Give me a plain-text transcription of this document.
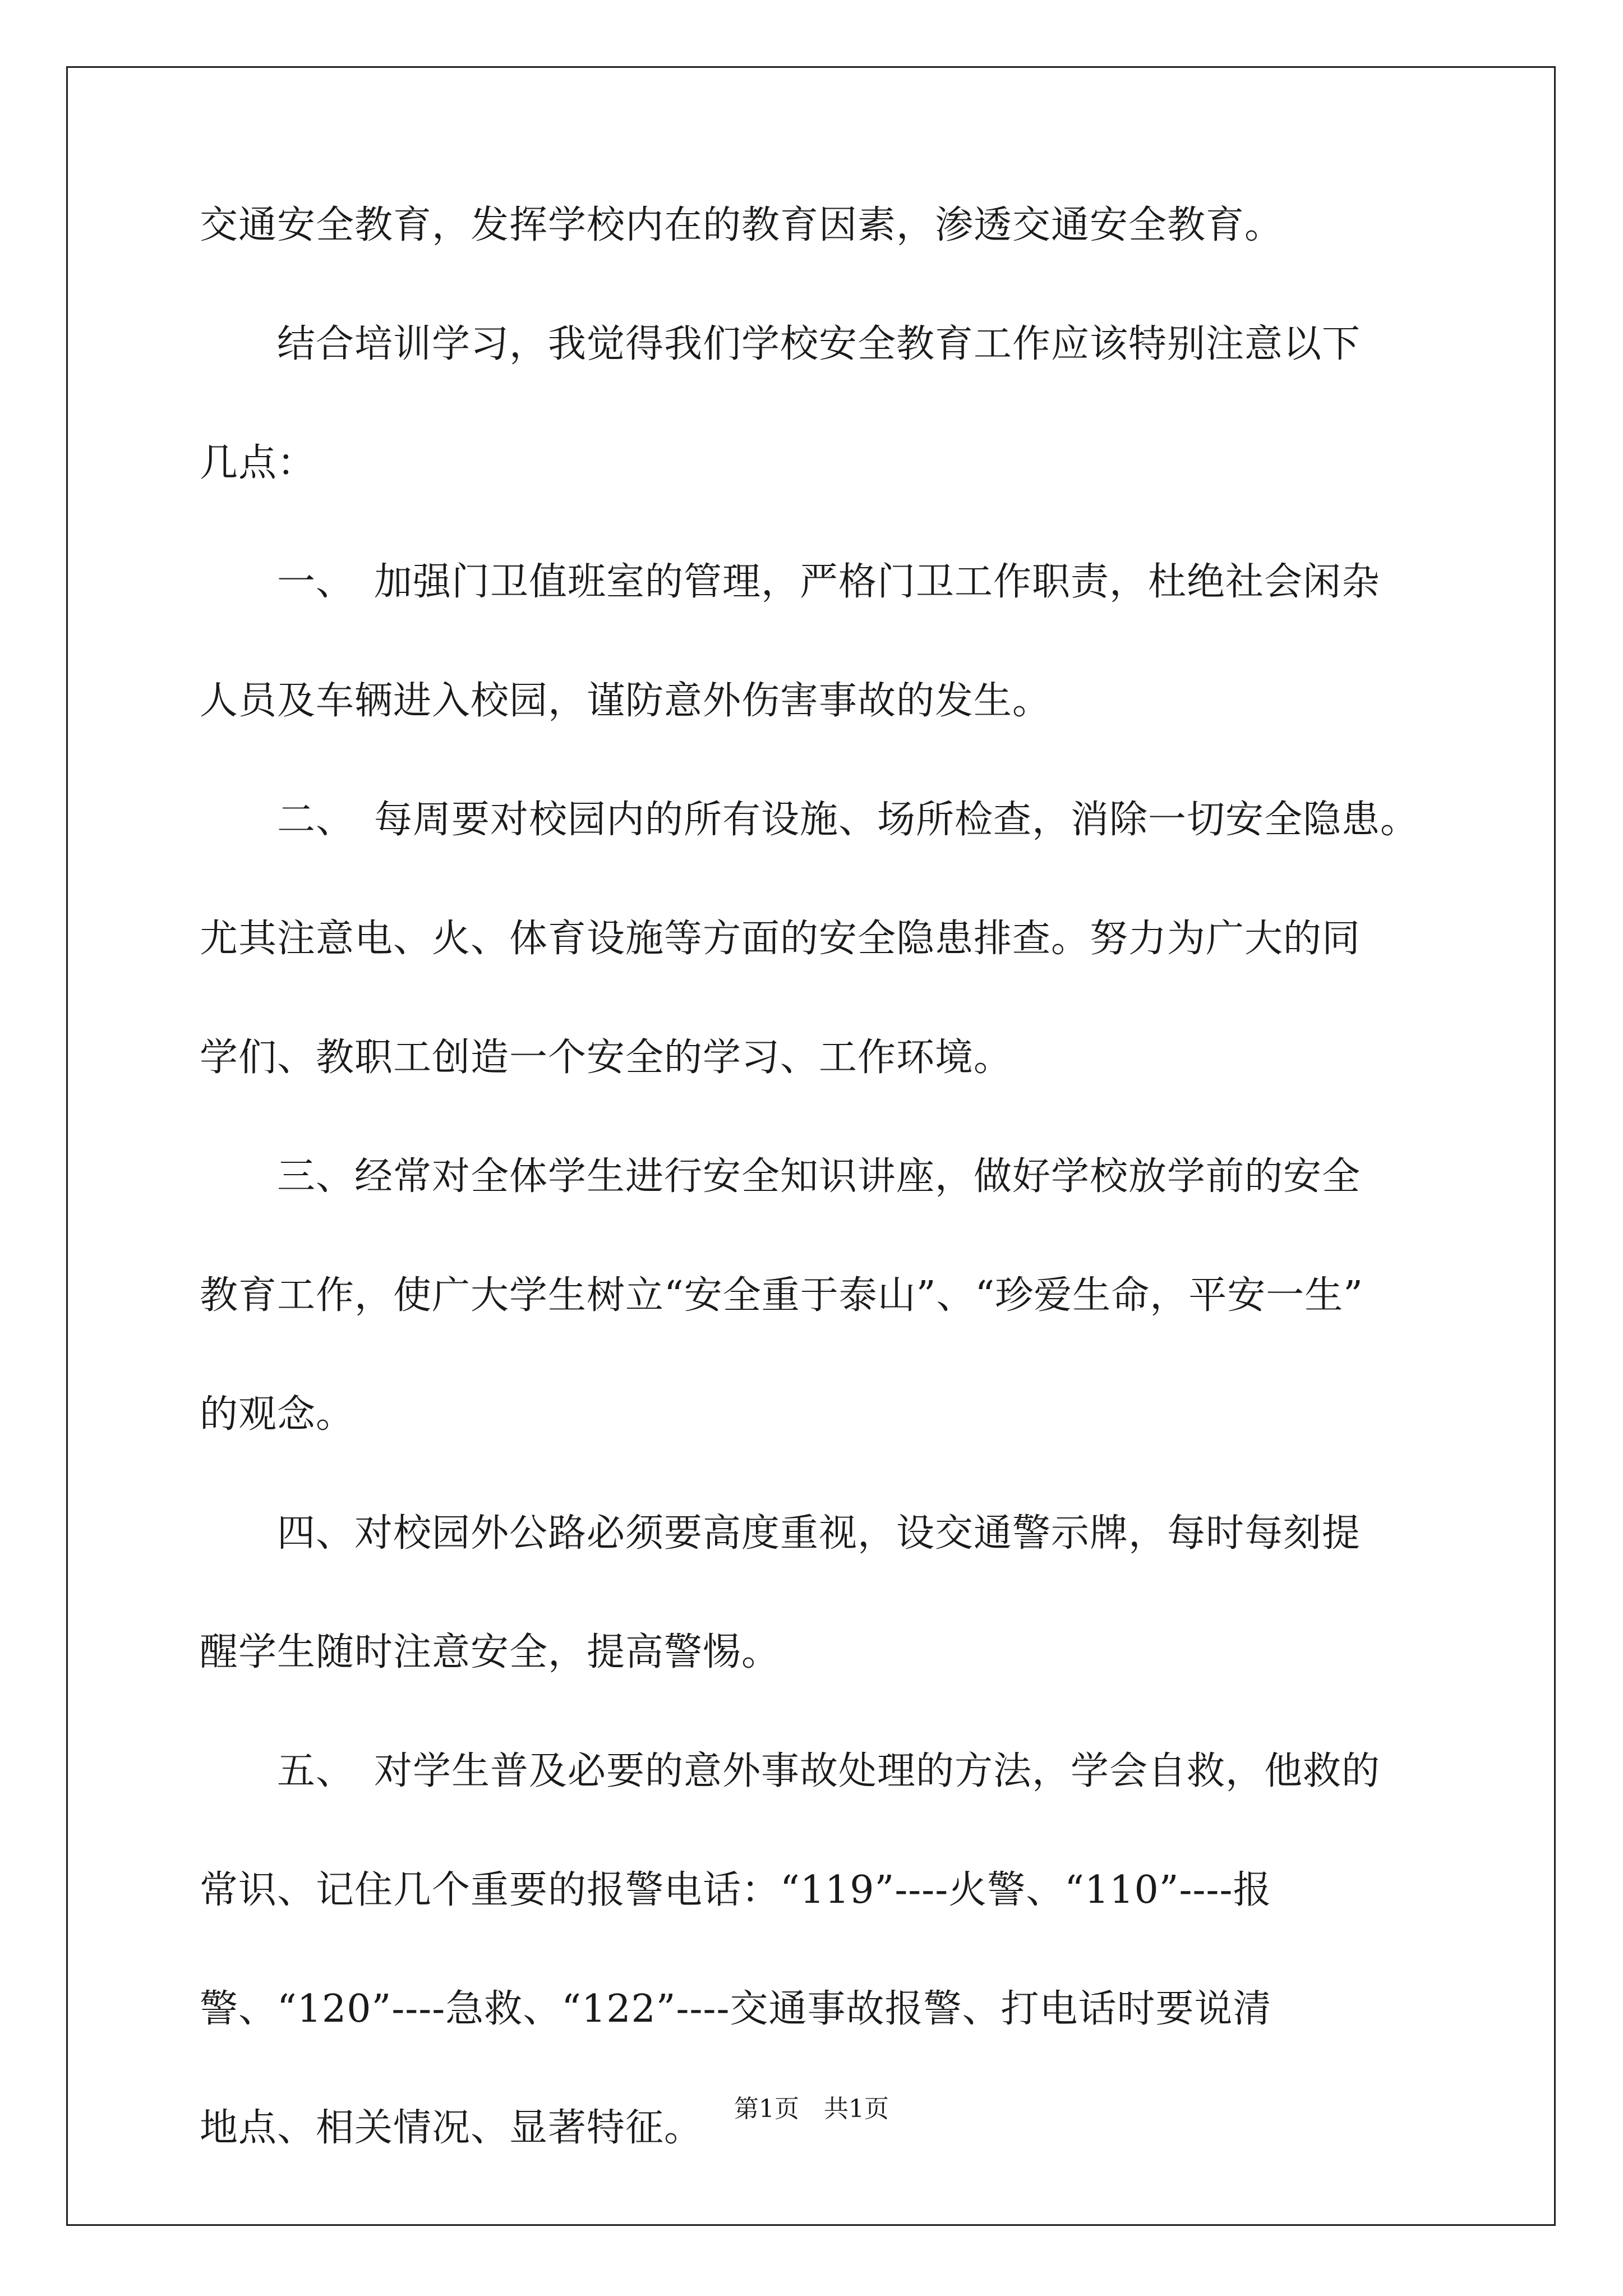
交通安全教育，发挥学校内在的教育因素，渗透交通安全教育。
　　结合培训学习，我觉得我们学校安全教育工作应该特别注意以下
几点：
　　一、　加强门卫值班室的管理，严格门卫工作职责，杜绝社会闲杂
人员及车辆进入校园，谨防意外伤害事故的发生。
　　二、　每周要对校园内的所有设施、场所检查，消除一切安全隐患。
尤其注意电、火、体育设施等方面的安全隐患排查。努力为广大的同
学们、教职工创造一个安全的学习、工作环境。
　　三、经常对全体学生进行安全知识讲座，做好学校放学前的安全
教育工作，使广大学生树立“安全重于泰山”、“珍爱生命，平安一生”
的观念。
　　四、对校园外公路必须要高度重视，设交通警示牌，每时每刻提
醒学生随时注意安全，提高警惕。
　　五、　对学生普及必要的意外事故处理的方法，学会自救，他救的
常识、记住几个重要的报警电话：“119”----火警、“110”----报
警、“120”----急救、“122”----交通事故报警、打电话时要说清
地点、相关情况、显著特征。	第1页　共1页
